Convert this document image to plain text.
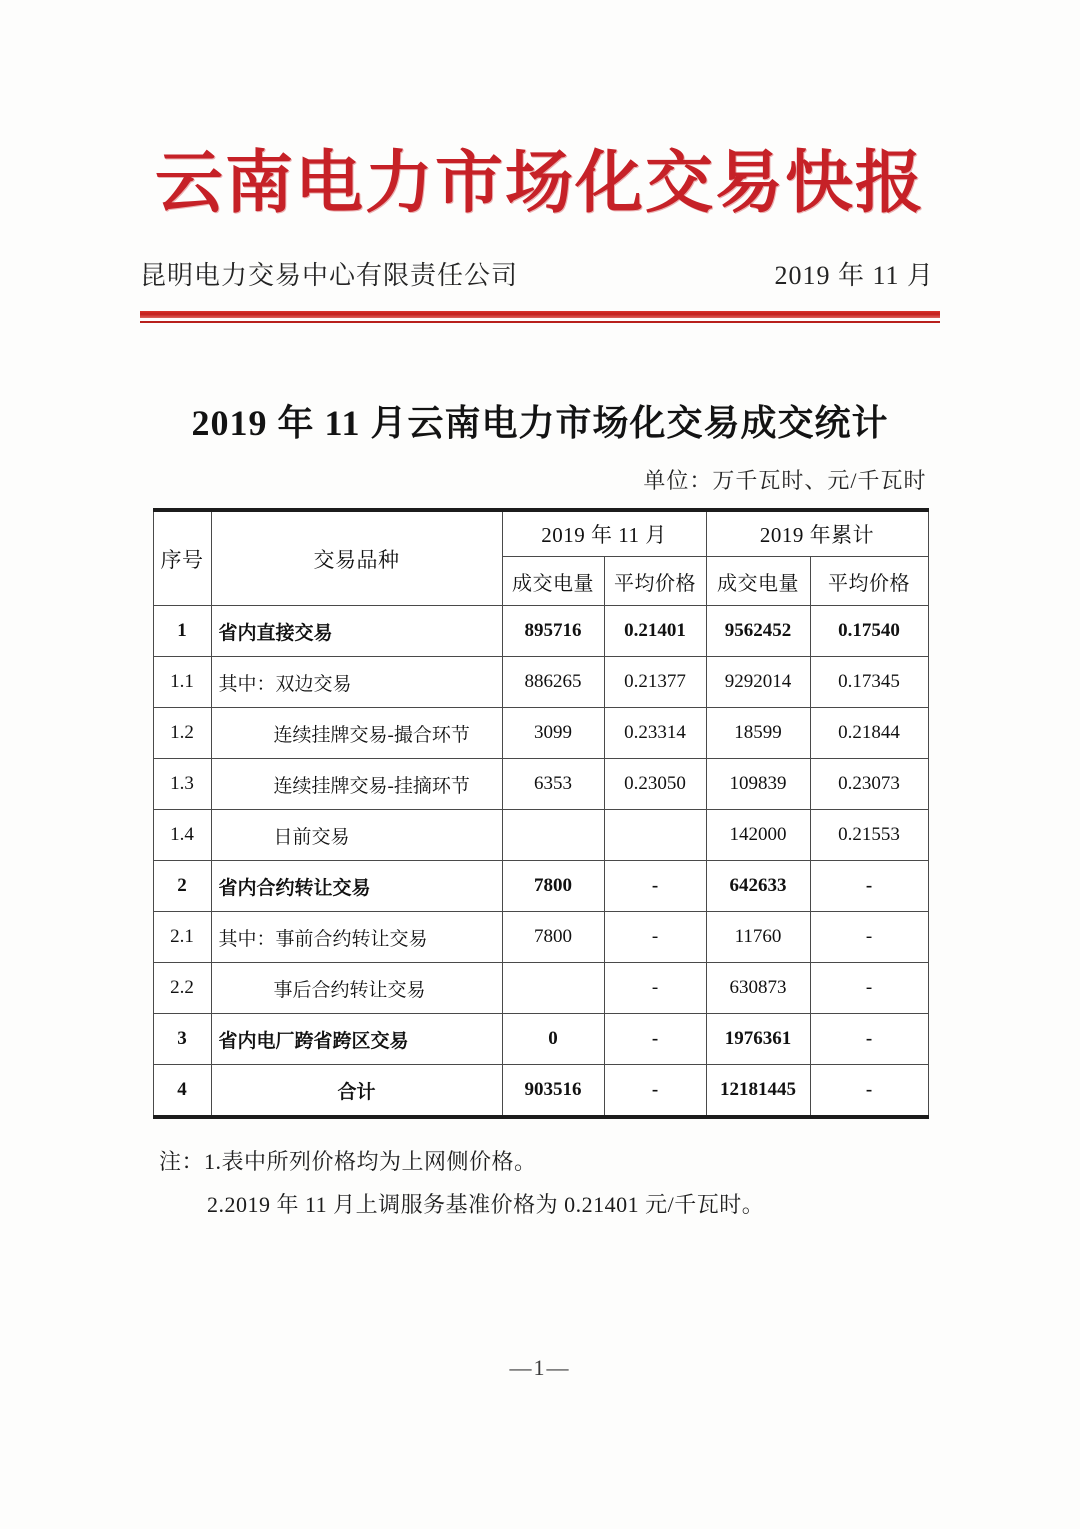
云南电力市场化交易快报
昆明电力交易中心有限责任公司	2019 年 11 月
2019 年 11 月云南电力市场化交易成交统计
单位：万千瓦时、元/千瓦时
序号	交易品种	2019 年 11 月		2019 年累计	
		成交电量	平均价格	成交电量	平均价格
1	省内直接交易	895716	0.21401	9562452	0.17540
1.1	其中：双边交易	886265	0.21377	9292014	0.17345
1.2	连续挂牌交易-撮合环节	3099	0.23314	18599	0.21844
1.3	连续挂牌交易-挂摘环节	6353	0.23050	109839	0.23073
1.4	日前交易			142000	0.21553
2	省内合约转让交易	7800	-	642633	-
2.1	其中：事前合约转让交易	7800	-	11760	-
2.2	事后合约转让交易		-	630873	-
3	省内电厂跨省跨区交易	0	-	1976361	-
4	合计	903516	-	12181445	-
注：1.表中所列价格均为上网侧价格。
2.2019 年 11 月上调服务基准价格为 0.21401 元/千瓦时。
—1—
